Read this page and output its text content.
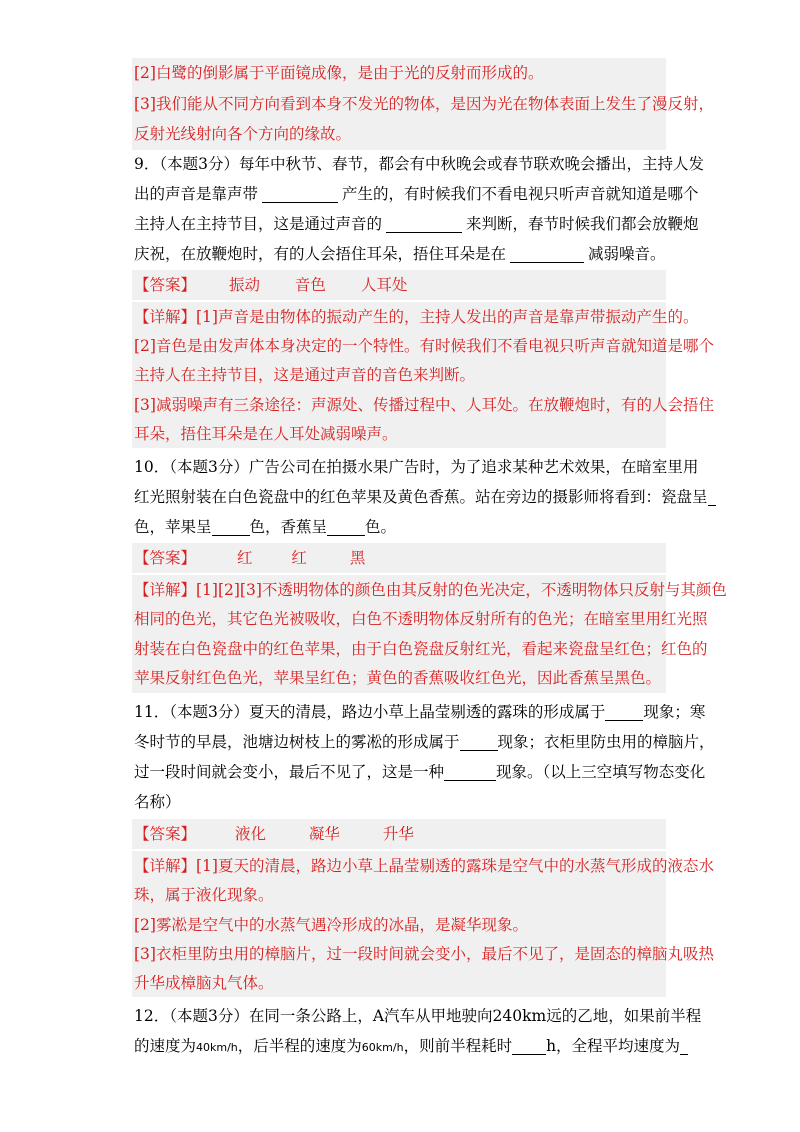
[2]白鹭的倒影属于平面镜成像，是由于光的反射而形成的。
[3]我们能从不同方向看到本身不发光的物体，是因为光在物体表面上发生了漫反射，
反射光线射向各个方向的缘故。
9．（本题3分）每年中秋节、春节，都会有中秋晚会或春节联欢晚会播出，主持人发
出的声音是靠声带	产生的，有时候我们不看电视只听声音就知道是哪个
主持人在主持节目，这是通过声音的	来判断，春节时候我们都会放鞭炮
庆祝，在放鞭炮时，有的人会捂住耳朵，捂住耳朵是在	减弱噪音。
【答案】 振动 音色 人耳处
【详解】[1]声音是由物体的振动产生的，主持人发出的声音是靠声带振动产生的。
[2]音色是由发声体本身决定的一个特性。有时候我们不看电视只听声音就知道是哪个
主持人在主持节目，这是通过声音的音色来判断。
[3]减弱噪声有三条途径：声源处、传播过程中、人耳处。在放鞭炮时，有的人会捂住
耳朵，捂住耳朵是在人耳处减弱噪声。
10．（本题3分）广告公司在拍摄水果广告时，为了追求某种艺术效果，在暗室里用
红光照射装在白色瓷盘中的红色苹果及黄色香蕉。站在旁边的摄影师将看到：瓷盘呈
色，苹果呈 色，香蕉呈 色。
【答案】	红	红	黑
【详解】[1][2][3]不透明物体的颜色由其反射的色光决定，不透明物体只反射与其颜色
相同的色光，其它色光被吸收，白色不透明物体反射所有的色光；在暗室里用红光照
射装在白色瓷盘中的红色苹果，由于白色瓷盘反射红光，看起来瓷盘呈红色；红色的
苹果反射红色色光，苹果呈红色；黄色的香蕉吸收红色光，因此香蕉呈黑色。
11．（本题3分）夏天的清晨，路边小草上晶莹剔透的露珠的形成属于 现象；寒
冬时节的早晨，池塘边树枝上的雾凇的形成属于 现象；衣柜里防虫用的樟脑片，
过一段时间就会变小，最后不见了，这是一种	现象。（以上三空填写物态变化
名称）
【答案】	液化	凝华	升华
【详解】[1]夏天的清晨，路边小草上晶莹剔透的露珠是空气中的水蒸气形成的液态水
珠，属于液化现象。
[2]雾凇是空气中的水蒸气遇冷形成的冰晶，是凝华现象。
[3]衣柜里防虫用的樟脑片，过一段时间就会变小，最后不见了，是固态的樟脑丸吸热
升华成樟脑丸气体。
12．（本题3分）在同一条公路上，A汽车从甲地驶向240km远的乙地，如果前半程
的速度为40km/h，后半程的速度为60km/h，则前半程耗时 h，全程平均速度为
